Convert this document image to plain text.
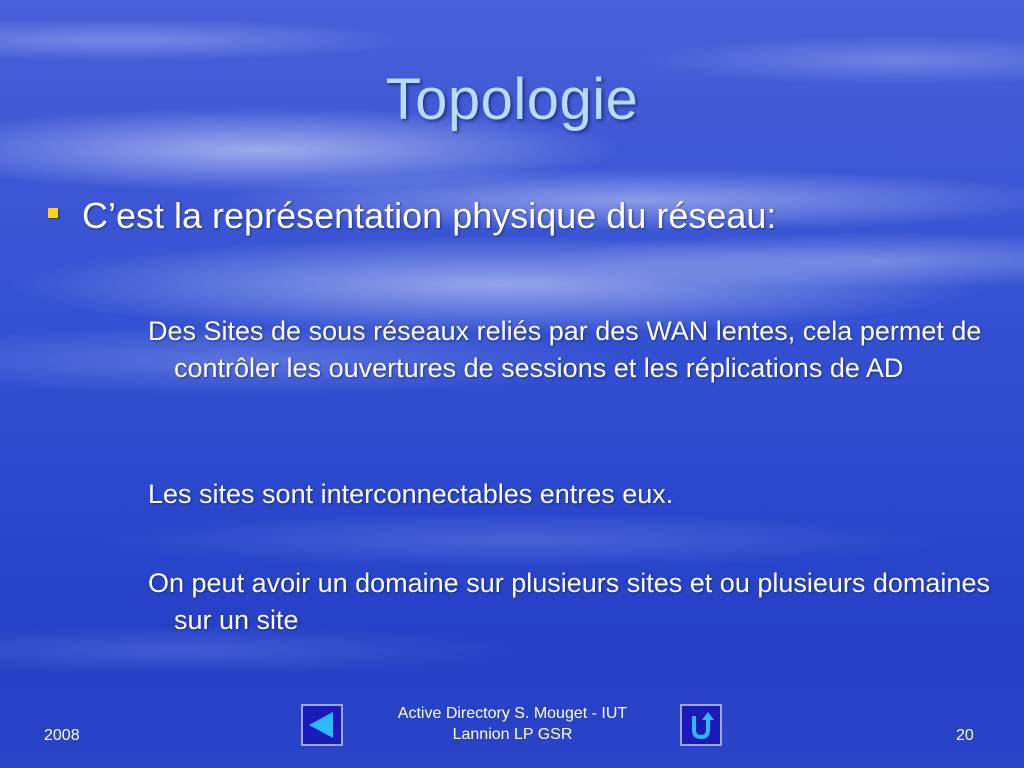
Topologie
C’est la représentation physique du réseau:
Des Sites de sous réseaux reliés par des WAN lentes, cela permet de contrôler les ouvertures de sessions et les réplications de AD
Les sites sont interconnectables entres eux.
On peut avoir un domaine sur plusieurs sites et ou plusieurs domaines sur un site
2008
Active Directory S. Mouget - IUT
Lannion LP GSR	20
